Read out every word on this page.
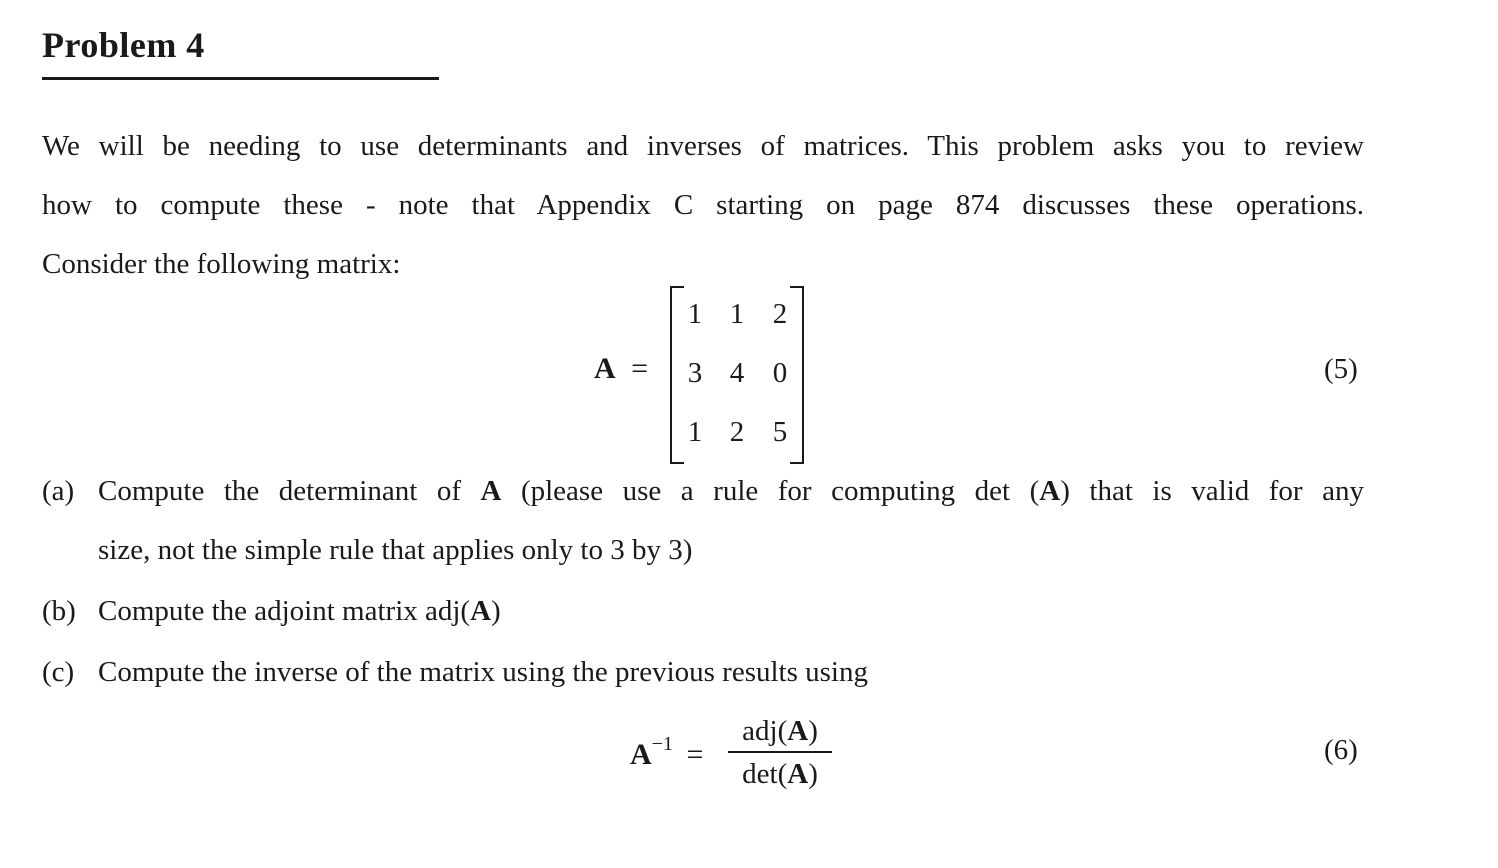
Problem 4
We will be needing to use determinants and inverses of matrices. This problem asks you to review
how to compute these - note that Appendix C starting on page 874 discusses these operations.
Consider the following matrix:
A =
1 1 2
3 4 0
1 2 5
(5)
(a) Compute the determinant of A (please use a rule for computing det (A) that is valid for any
size, not the simple rule that applies only to 3 by 3)
(b) Compute the adjoint matrix adj(A)
(c) Compute the inverse of the matrix using the previous results using
$A^{-1}$ =
adj(A)
det(A)
(6)
